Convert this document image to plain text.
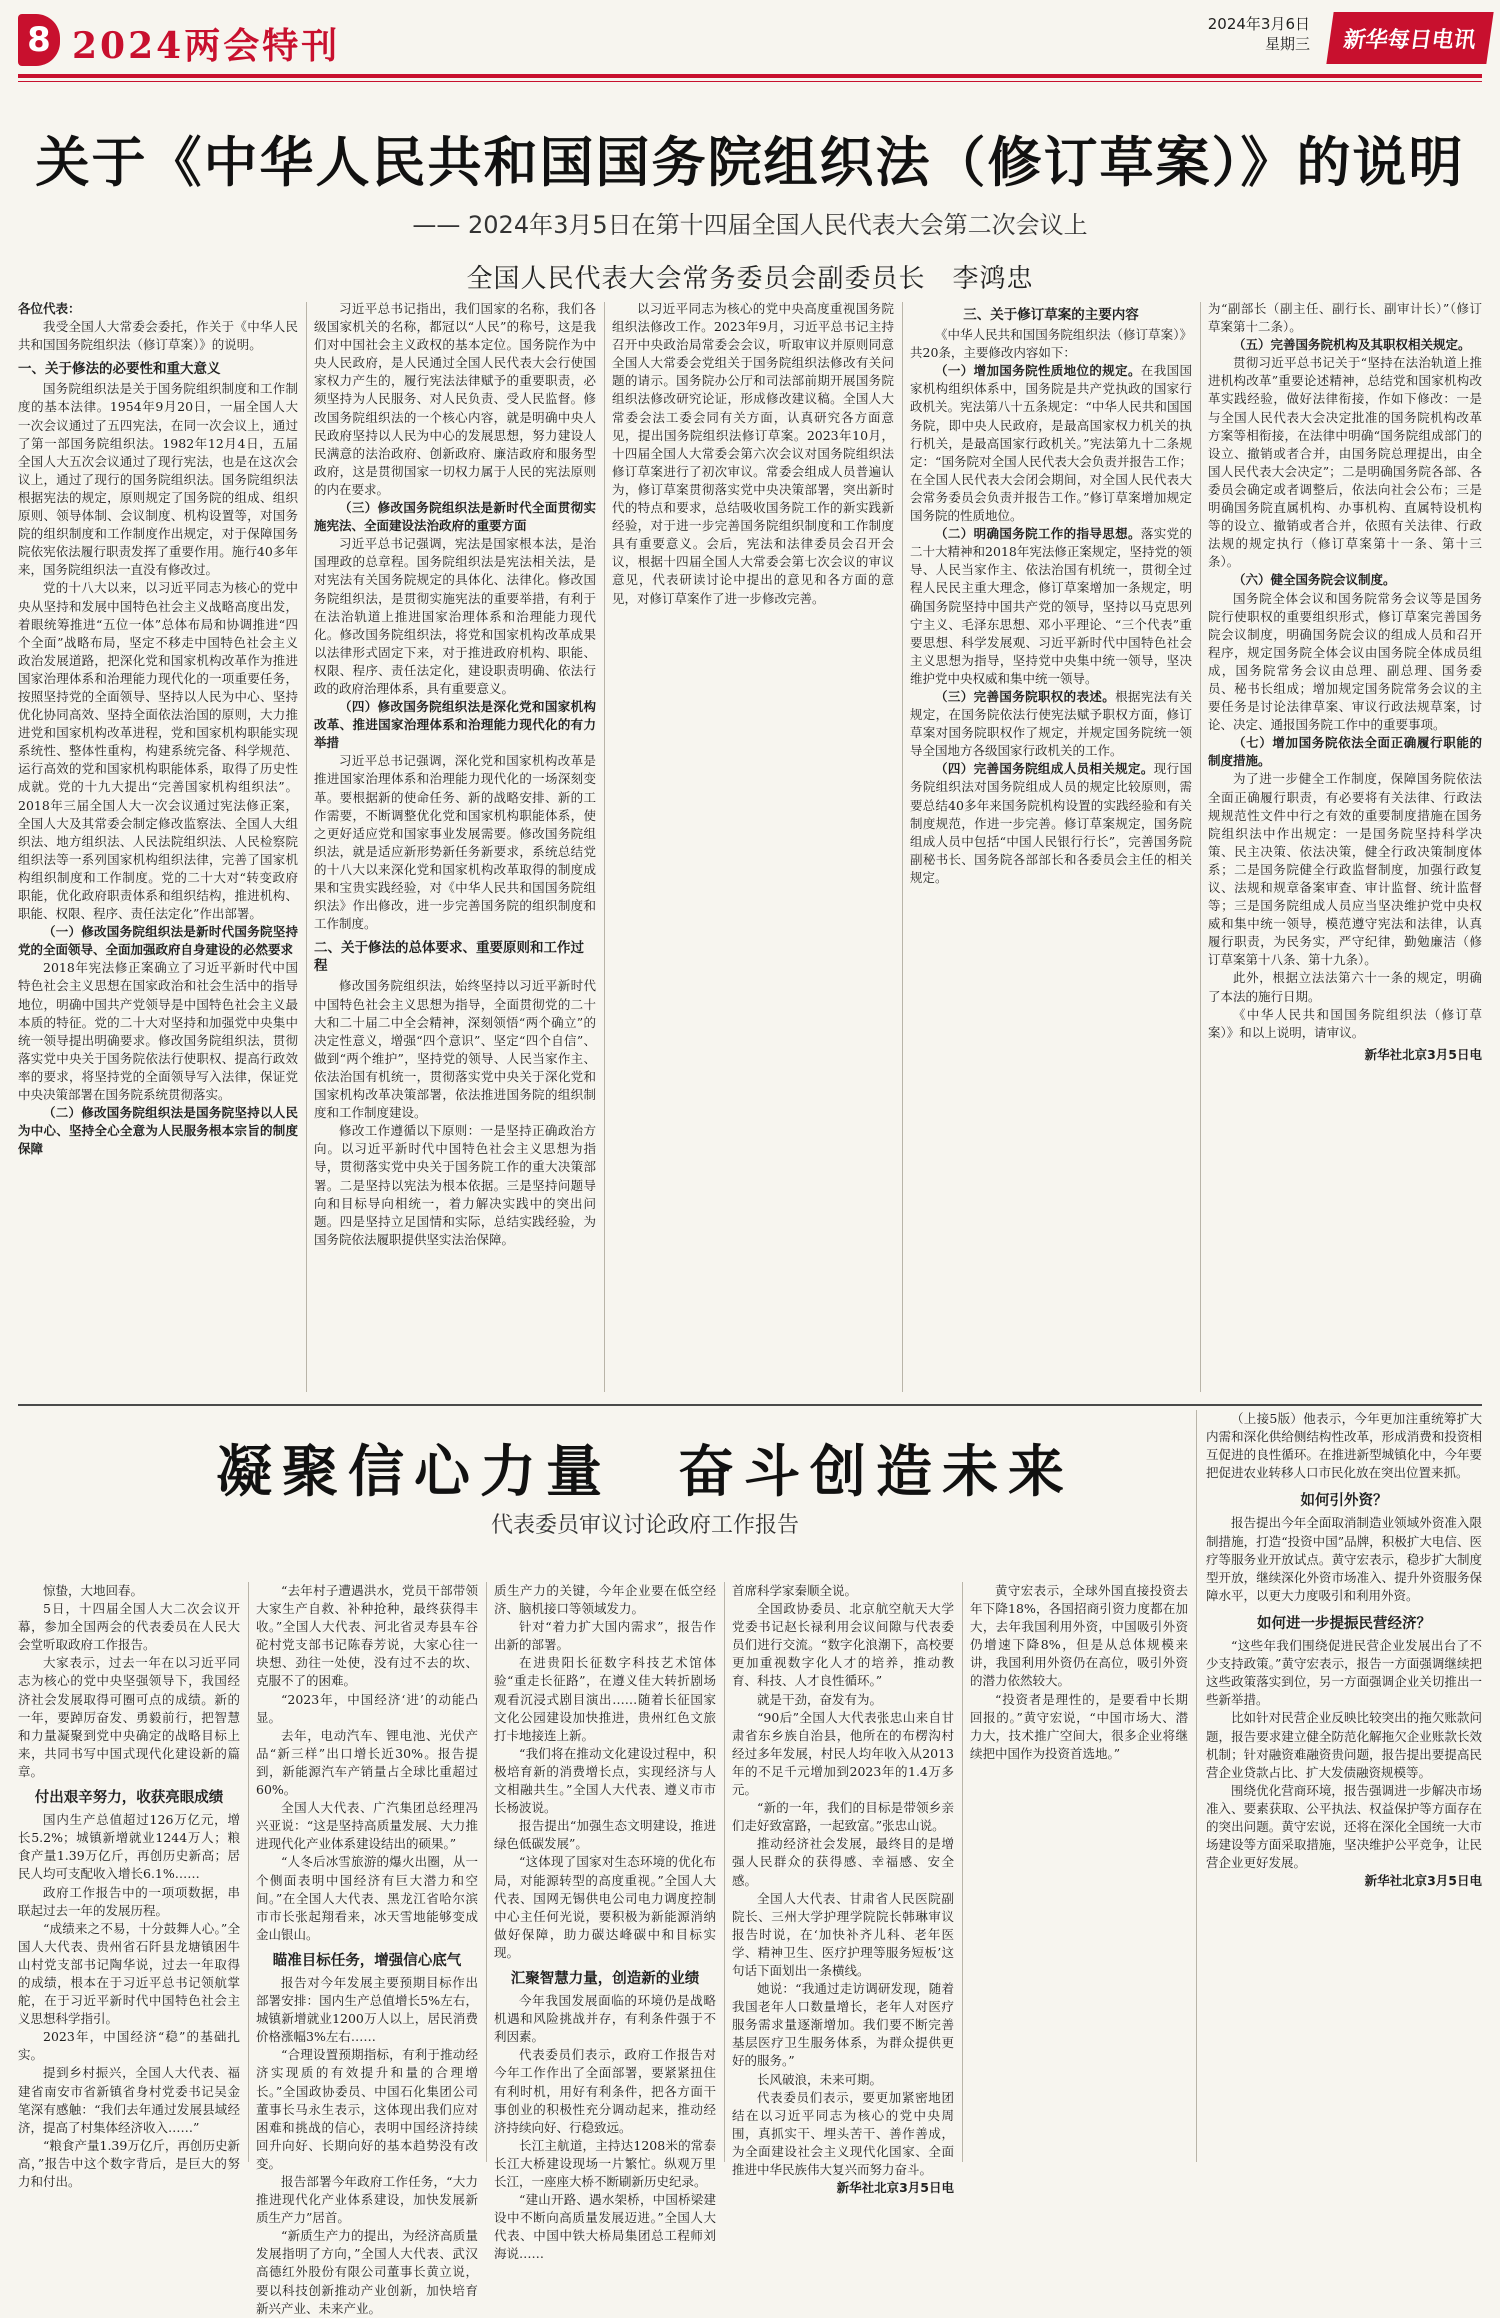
8 2024两会特刊
2024年3月6日
星期三 新华每日电讯
关于《中华人民共和国国务院组织法（修订草案）》的说明
—— 2024年3月5日在第十四届全国人民代表大会第二次会议上
全国人民代表大会常务委员会副委员长　李鸿忠

各位代表：

我受全国人大常委会委托，作关于《中华人民共和国国务院组织法（修订草案）》的说明。

一、关于修法的必要性和重大意义

国务院组织法是关于国务院组织制度和工作制度的基本法律。1954年9月20日，一届全国人大一次会议通过了五四宪法，在同一次会议上，通过了第一部国务院组织法。1982年12月4日，五届全国人大五次会议通过了现行宪法，也是在这次会议上，通过了现行的国务院组织法。国务院组织法根据宪法的规定，原则规定了国务院的组成、组织原则、领导体制、会议制度、机构设置等，对国务院的组织制度和工作制度作出规定，对于保障国务院依宪依法履行职责发挥了重要作用。施行40多年来，国务院组织法一直没有修改过。

党的十八大以来，以习近平同志为核心的党中央从坚持和发展中国特色社会主义战略高度出发，着眼统筹推进“五位一体”总体布局和协调推进“四个全面”战略布局，坚定不移走中国特色社会主义政治发展道路，把深化党和国家机构改革作为推进国家治理体系和治理能力现代化的一项重要任务，按照坚持党的全面领导、坚持以人民为中心、坚持优化协同高效、坚持全面依法治国的原则，大力推进党和国家机构改革进程，党和国家机构职能实现系统性、整体性重构，构建系统完备、科学规范、运行高效的党和国家机构职能体系，取得了历史性成就。党的十九大提出“完善国家机构组织法”。2018年三届全国人大一次会议通过宪法修正案，全国人大及其常委会制定修改监察法、全国人大组织法、地方组织法、人民法院组织法、人民检察院组织法等一系列国家机构组织法律，完善了国家机构组织制度和工作制度。党的二十大对“转变政府职能，优化政府职责体系和组织结构，推进机构、职能、权限、程序、责任法定化”作出部署。

（一）修改国务院组织法是新时代国务院坚持党的全面领导、全面加强政府自身建设的必然要求

2018年宪法修正案确立了习近平新时代中国特色社会主义思想在国家政治和社会生活中的指导地位，明确中国共产党领导是中国特色社会主义最本质的特征。党的二十大对坚持和加强党中央集中统一领导提出明确要求。修改国务院组织法，贯彻落实党中央关于国务院依法行使职权、提高行政效率的要求，将坚持党的全面领导写入法律，保证党中央决策部署在国务院系统贯彻落实。

（二）修改国务院组织法是国务院坚持以人民为中心、坚持全心全意为人民服务根本宗旨的制度保障

习近平总书记指出，我们国家的名称，我们各级国家机关的名称，都冠以“人民”的称号，这是我们对中国社会主义政权的基本定位。国务院作为中央人民政府，是人民通过全国人民代表大会行使国家权力产生的，履行宪法法律赋予的重要职责，必须坚持为人民服务、对人民负责、受人民监督。修改国务院组织法的一个核心内容，就是明确中央人民政府坚持以人民为中心的发展思想，努力建设人民满意的法治政府、创新政府、廉洁政府和服务型政府，这是贯彻国家一切权力属于人民的宪法原则的内在要求。

（三）修改国务院组织法是新时代全面贯彻实施宪法、全面建设法治政府的重要方面

习近平总书记强调，宪法是国家根本法，是治国理政的总章程。国务院组织法是宪法相关法，是对宪法有关国务院规定的具体化、法律化。修改国务院组织法，是贯彻实施宪法的重要举措，有利于在法治轨道上推进国家治理体系和治理能力现代化。修改国务院组织法，将党和国家机构改革成果以法律形式固定下来，对于推进政府机构、职能、权限、程序、责任法定化，建设职责明确、依法行政的政府治理体系，具有重要意义。

（四）修改国务院组织法是深化党和国家机构改革、推进国家治理体系和治理能力现代化的有力举措

习近平总书记强调，深化党和国家机构改革是推进国家治理体系和治理能力现代化的一场深刻变革。要根据新的使命任务、新的战略安排、新的工作需要，不断调整优化党和国家机构职能体系，使之更好适应党和国家事业发展需要。修改国务院组织法，就是适应新形势新任务新要求，系统总结党的十八大以来深化党和国家机构改革取得的制度成果和宝贵实践经验，对《中华人民共和国国务院组织法》作出修改，进一步完善国务院的组织制度和工作制度。

二、关于修法的总体要求、重要原则和工作过程

修改国务院组织法，始终坚持以习近平新时代中国特色社会主义思想为指导，全面贯彻党的二十大和二十届二中全会精神，深刻领悟“两个确立”的决定性意义，增强“四个意识”、坚定“四个自信”、做到“两个维护”，坚持党的领导、人民当家作主、依法治国有机统一，贯彻落实党中央关于深化党和国家机构改革决策部署，依法推进国务院的组织制度和工作制度建设。

修改工作遵循以下原则：一是坚持正确政治方向。以习近平新时代中国特色社会主义思想为指导，贯彻落实党中央关于国务院工作的重大决策部署。二是坚持以宪法为根本依据。三是坚持问题导向和目标导向相统一，着力解决实践中的突出问题。四是坚持立足国情和实际，总结实践经验，为国务院依法履职提供坚实法治保障。

以习近平同志为核心的党中央高度重视国务院组织法修改工作。2023年9月，习近平总书记主持召开中央政治局常委会会议，听取审议并原则同意全国人大常委会党组关于国务院组织法修改有关问题的请示。国务院办公厅和司法部前期开展国务院组织法修改研究论证，形成修改建议稿。全国人大常委会法工委会同有关方面，认真研究各方面意见，提出国务院组织法修订草案。2023年10月，十四届全国人大常委会第六次会议对国务院组织法修订草案进行了初次审议。常委会组成人员普遍认为，修订草案贯彻落实党中央决策部署，突出新时代的特点和要求，总结吸收国务院工作的新实践新经验，对于进一步完善国务院组织制度和工作制度具有重要意义。会后，宪法和法律委员会召开会议，根据十四届全国人大常委会第七次会议的审议意见，代表研读讨论中提出的意见和各方面的意见，对修订草案作了进一步修改完善。

三、关于修订草案的主要内容

《中华人民共和国国务院组织法（修订草案）》共20条，主要修改内容如下：

（一）增加国务院性质地位的规定。在我国国家机构组织体系中，国务院是共产党执政的国家行政机关。宪法第八十五条规定：“中华人民共和国国务院，即中央人民政府，是最高国家权力机关的执行机关，是最高国家行政机关。”宪法第九十二条规定：“国务院对全国人民代表大会负责并报告工作；在全国人民代表大会闭会期间，对全国人民代表大会常务委员会负责并报告工作。”修订草案增加规定国务院的性质地位。

（二）明确国务院工作的指导思想。落实党的二十大精神和2018年宪法修正案规定，坚持党的领导、人民当家作主、依法治国有机统一，贯彻全过程人民民主重大理念，修订草案增加一条规定，明确国务院坚持中国共产党的领导，坚持以马克思列宁主义、毛泽东思想、邓小平理论、“三个代表”重要思想、科学发展观、习近平新时代中国特色社会主义思想为指导，坚持党中央集中统一领导，坚决维护党中央权威和集中统一领导。

（三）完善国务院职权的表述。根据宪法有关规定，在国务院依法行使宪法赋予职权方面，修订草案对国务院职权作了规定，并规定国务院统一领导全国地方各级国家行政机关的工作。

（四）完善国务院组成人员相关规定。现行国务院组织法对国务院组成人员的规定比较原则，需要总结40多年来国务院机构设置的实践经验和有关制度规范，作进一步完善。修订草案规定，国务院组成人员中包括“中国人民银行行长”，完善国务院副秘书长、国务院各部部长和各委员会主任的相关规定。

为“副部长（副主任、副行长、副审计长）”（修订草案第十二条）。

（五）完善国务院机构及其职权相关规定。

贯彻习近平总书记关于“坚持在法治轨道上推进机构改革”重要论述精神，总结党和国家机构改革实践经验，做好法律衔接，作如下修改：一是与全国人民代表大会决定批准的国务院机构改革方案等相衔接，在法律中明确“国务院组成部门的设立、撤销或者合并，由国务院总理提出，由全国人民代表大会决定”；二是明确国务院各部、各委员会确定或者调整后，依法向社会公布；三是明确国务院直属机构、办事机构、直属特设机构等的设立、撤销或者合并，依照有关法律、行政法规的规定执行（修订草案第十一条、第十三条）。

（六）健全国务院会议制度。

国务院全体会议和国务院常务会议等是国务院行使职权的重要组织形式，修订草案完善国务院会议制度，明确国务院会议的组成人员和召开程序，规定国务院全体会议由国务院全体成员组成，国务院常务会议由总理、副总理、国务委员、秘书长组成；增加规定国务院常务会议的主要任务是讨论法律草案、审议行政法规草案，讨论、决定、通报国务院工作中的重要事项。

（七）增加国务院依法全面正确履行职能的制度措施。

为了进一步健全工作制度，保障国务院依法全面正确履行职责，有必要将有关法律、行政法规规范性文件中行之有效的重要制度措施在国务院组织法中作出规定：一是国务院坚持科学决策、民主决策、依法决策，健全行政决策制度体系；二是国务院健全行政监督制度，加强行政复议、法规和规章备案审查、审计监督、统计监督等；三是国务院组成人员应当坚决维护党中央权威和集中统一领导，模范遵守宪法和法律，认真履行职责，为民务实，严守纪律，勤勉廉洁（修订草案第十八条、第十九条）。

此外，根据立法法第六十一条的规定，明确了本法的施行日期。

《中华人民共和国国务院组织法（修订草案）》和以上说明，请审议。

新华社北京3月5日电
凝聚信心力量　奋斗创造未来
代表委员审议讨论政府工作报告

惊蛰，大地回春。

5日，十四届全国人大二次会议开幕，参加全国两会的代表委员在人民大会堂听取政府工作报告。

大家表示，过去一年在以习近平同志为核心的党中央坚强领导下，我国经济社会发展取得可圈可点的成绩。新的一年，要踔厉奋发、勇毅前行，把智慧和力量凝聚到党中央确定的战略目标上来，共同书写中国式现代化建设新的篇章。

付出艰辛努力，收获亮眼成绩

国内生产总值超过126万亿元，增长5.2%；城镇新增就业1244万人；粮食产量1.39万亿斤，再创历史新高；居民人均可支配收入增长6.1%……

政府工作报告中的一项项数据，串联起过去一年的发展历程。

“成绩来之不易，十分鼓舞人心。”全国人大代表、贵州省石阡县龙塘镇困牛山村党支部书记陶华说，过去一年取得的成绩，根本在于习近平总书记领航掌舵，在于习近平新时代中国特色社会主义思想科学指引。

2023年，中国经济“稳”的基础扎实。

提到乡村振兴，全国人大代表、福建省南安市省新镇省身村党委书记吴金笔深有感触：“我们去年通过发展县域经济，提高了村集体经济收入……”

“粮食产量1.39万亿斤，再创历史新高，”报告中这个数字背后，是巨大的努力和付出。

“去年村子遭遇洪水，党员干部带领大家生产自救、补种抢种，最终获得丰收。”全国人大代表、河北省灵寿县车谷砣村党支部书记陈春芳说，大家心往一块想、劲往一处使，没有过不去的坎、克服不了的困难。

“2023年，中国经济‘进’的动能凸显。

去年，电动汽车、锂电池、光伏产品“新三样”出口增长近30%。报告提到，新能源汽车产销量占全球比重超过60%。

全国人大代表、广汽集团总经理冯兴亚说：“这是坚持高质量发展、大力推进现代化产业体系建设结出的硕果。”

“人冬后冰雪旅游的爆火出圈，从一个侧面表明中国经济有巨大潜力和空间。”在全国人大代表、黑龙江省哈尔滨市市长张起翔看来，冰天雪地能够变成金山银山。

瞄准目标任务，增强信心底气

报告对今年发展主要预期目标作出部署安排：国内生产总值增长5%左右，城镇新增就业1200万人以上，居民消费价格涨幅3%左右……

“合理设置预期指标，有利于推动经济实现质的有效提升和量的合理增长。”全国政协委员、中国石化集团公司董事长马永生表示，这体现出我们应对困难和挑战的信心，表明中国经济持续回升向好、长期向好的基本趋势没有改变。

报告部署今年政府工作任务，“大力推进现代化产业体系建设，加快发展新质生产力”居首。

“新质生产力的提出，为经济高质量发展指明了方向，”全国人大代表、武汉高德红外股份有限公司董事长黄立说，要以科技创新推动产业创新，加快培育新兴产业、未来产业。

质生产力的关键，今年企业要在低空经济、脑机接口等领域发力。

针对“着力扩大国内需求”，报告作出新的部署。

在进贵阳长征数字科技艺术馆体验“重走长征路”，在遵义佳大转折剧场观看沉浸式剧目演出……随着长征国家文化公园建设加快推进，贵州红色文旅打卡地接连上新。

“我们将在推动文化建设过程中，积极培育新的消费增长点，实现经济与人文相融共生。”全国人大代表、遵义市市长杨波说。

报告提出“加强生态文明建设，推进绿色低碳发展”。

“这体现了国家对生态环境的优化布局，对能源转型的高度重视。”全国人大代表、国网无锡供电公司电力调度控制中心主任何光说，要积极为新能源消纳做好保障，助力碳达峰碳中和目标实现。

汇聚智慧力量，创造新的业绩

今年我国发展面临的环境仍是战略机遇和风险挑战并存，有利条件强于不利因素。

代表委员们表示，政府工作报告对今年工作作出了全面部署，要紧紧扭住有利时机，用好有利条件，把各方面干事创业的积极性充分调动起来，推动经济持续向好、行稳致远。

长江主航道，主持达1208米的常泰长江大桥建设现场一片繁忙。纵观万里长江，一座座大桥不断刷新历史纪录。

“建山开路、遇水架桥，中国桥梁建设中不断向高质量发展迈进。”全国人大代表、中国中铁大桥局集团总工程师刘海说……

首席科学家秦顺全说。

全国政协委员、北京航空航天大学党委书记赵长禄利用会议间隙与代表委员们进行交流。“数字化浪潮下，高校要更加重视数字化人才的培养，推动教育、科技、人才良性循环。”

就是干劲，奋发有为。

“90后”全国人大代表张忠山来自甘肃省东乡族自治县，他所在的布楞沟村经过多年发展，村民人均年收入从2013年的不足千元增加到2023年的1.4万多元。

“新的一年，我们的目标是带领乡亲们走好致富路，一起致富。”张忠山说。

推动经济社会发展，最终目的是增强人民群众的获得感、幸福感、安全感。

全国人大代表、甘肃省人民医院副院长、三州大学护理学院院长韩琳审议报告时说，在‘加快补齐儿科、老年医学、精神卫生、医疗护理等服务短板’这句话下面划出一条横线。

她说：“我通过走访调研发现，随着我国老年人口数量增长，老年人对医疗服务需求量逐渐增加。我们要不断完善基层医疗卫生服务体系，为群众提供更好的服务。”

长风破浪，未来可期。

代表委员们表示，要更加紧密地团结在以习近平同志为核心的党中央周围，真抓实干、埋头苦干、善作善成，为全面建设社会主义现代化国家、全面推进中华民族伟大复兴而努力奋斗。

新华社北京3月5日电

黄守宏表示，全球外国直接投资去年下降18%，各国招商引资力度都在加大，去年我国利用外资，中国吸引外资仍增速下降8%，但是从总体规模来讲，我国利用外资仍在高位，吸引外资的潜力依然较大。

“投资者是理性的，是要看中长期回报的。”黄守宏说，“中国市场大、潜力大，技术推广空间大，很多企业将继续把中国作为投资首选地。”

（上接5版）他表示，今年更加注重统筹扩大内需和深化供给侧结构性改革，形成消费和投资相互促进的良性循环。在推进新型城镇化中，今年要把促进农业转移人口市民化放在突出位置来抓。

如何引外资？

报告提出今年全面取消制造业领域外资准入限制措施，打造“投资中国”品牌，积极扩大电信、医疗等服务业开放试点。黄守宏表示，稳步扩大制度型开放，继续深化外资市场准入、提升外资服务保障水平，以更大力度吸引和利用外资。

如何进一步提振民营经济？

“这些年我们围绕促进民营企业发展出台了不少支持政策。”黄守宏表示，报告一方面强调继续把这些政策落实到位，另一方面强调企业关切推出一些新举措。

比如针对民营企业反映比较突出的拖欠账款问题，报告要求建立健全防范化解拖欠企业账款长效机制；针对融资难融资贵问题，报告提出要提高民营企业贷款占比、扩大发债融资规模等。

围绕优化营商环境，报告强调进一步解决市场准入、要素获取、公平执法、权益保护等方面存在的突出问题。黄守宏说，还将在深化全国统一大市场建设等方面采取措施，坚决维护公平竞争，让民营企业更好发展。

新华社北京3月5日电
